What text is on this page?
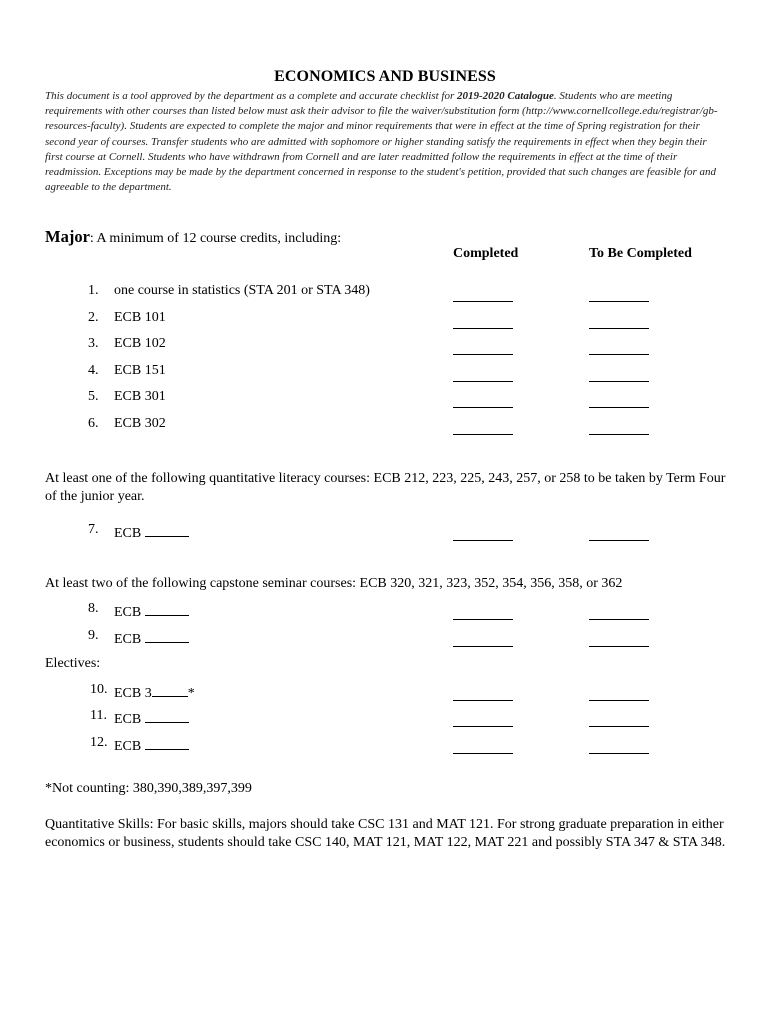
ECONOMICS AND BUSINESS

This document is a tool approved by the department as a complete and accurate checklist for 2019-2020 Catalogue. Students who are meeting requirements with other courses than listed below must ask their advisor to file the waiver/substitution form (http://www.cornellcollege.edu/registrar/gb-resources-faculty). Students are expected to complete the major and minor requirements that were in effect at the time of Spring registration for their second year of courses. Transfer students who are admitted with sophomore or higher standing satisfy the requirements in effect when they begin their first course at Cornell. Students who have withdrawn from Cornell and are later readmitted follow the requirements in effect at the time of their readmission. Exceptions may be made by the department concerned in response to the student's petition, provided that such changes are feasible for and agreeable to the department.

Major: A minimum of 12 course credits, including:
Completed	To Be Completed
1.	one course in statistics (STA 201 or STA 348)
2.	ECB 101
3.	ECB 102
4.	ECB 151
5.	ECB 301
6.	ECB 302

At least one of the following quantitative literacy courses: ECB 212, 223, 225, 243, 257, or 258 to be taken by Term Four of the junior year.

7.	ECB

At least two of the following capstone seminar courses: ECB 320, 321, 323, 352, 354, 356, 358, or 362

8.	ECB
9.	ECB

Electives:

10. ECB 3	*
11. ECB
12. ECB

*Not counting: 380,390,389,397,399

Quantitative Skills: For basic skills, majors should take CSC 131 and MAT 121. For strong graduate preparation in either economics or business, students should take CSC 140, MAT 121, MAT 122, MAT 221 and possibly STA 347 & STA 348.
